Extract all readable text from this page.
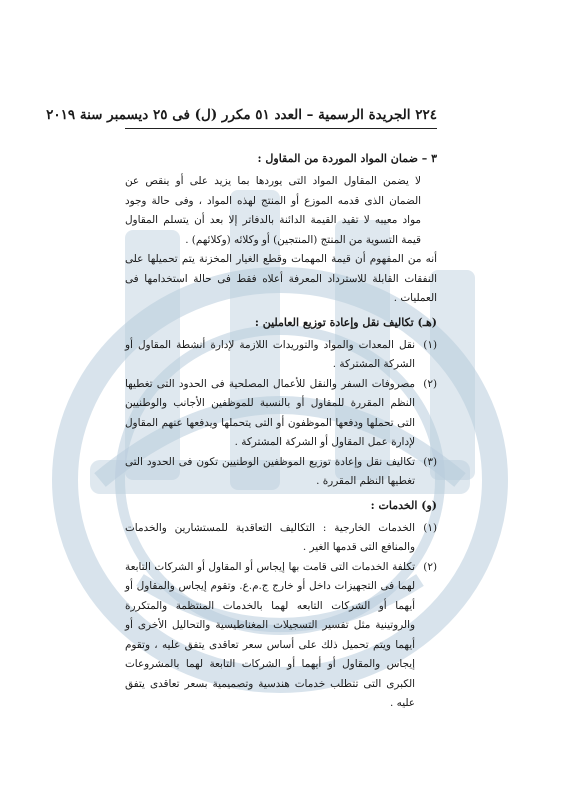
٢٢٤ الجريدة الرسمية – العدد ٥١ مكرر (ل) فى ٢٥ ديسمبر سنة ٢٠١٩
٣ – ضمان المواد الموردة من المقاول :

لا يضمن المقاول المواد التى يوردها بما يزيد على أو ينقص عن الضمان الذى قدمه الموزع أو المنتج لهذه المواد ، وفى حالة وجود مواد معيبه لا تقيد القيمة الدائنة بالدفاتر إلا بعد أن يتسلم المقاول قيمة التسوية من المنتج (المنتجين) أو وكلائه (وكلائهم) .

أنه من المفهوم أن قيمة المهمات وقطع الغيار المخزنة يتم تحميلها على النفقات القابلة للاسترداد المعرفة أعلاه فقط فى حالة استخدامها فى العمليات .

(هـ) تكاليف نقل وإعادة توزيع العاملين :
(١)
نقل المعدات والمواد والتوريدات اللازمة لإدارة أنشطة المقاول أو الشركة المشتركة .
(٢)
مصروفات السفر والنقل للأعمال المصلحية فى الحدود التى تغطيها النظم المقررة للمقاول أو بالنسبة للموظفين الأجانب والوطنيين التى تحملها ودفعها الموظفون أو التى يتحملها ويدفعها عنهم المقاول لإدارة عمل المقاول أو الشركة المشتركة .
(٣)
تكاليف نقل وإعادة توزيع الموظفين الوطنيين تكون فى الحدود التى تغطيها النظم المقررة .
(و) الخدمات :
(١)
الخدمات الخارجية : التكاليف التعاقدية للمستشارين والخدمات والمنافع التى قدمها الغير .
(٢)
تكلفة الخدمات التى قامت بها إيجاس أو المقاول أو الشركات التابعة لهما فى التجهيزات داخل أو خارج ج.م.ع. وتقوم إيجاس والمقاول أو أيهما أو الشركات التابعه لهما بالخدمات المنتظمة والمتكررة والروتينية مثل تفسير التسجيلات المغناطيسية والتحاليل الأخرى أو أيهما ويتم تحميل ذلك على أساس سعر تعاقدى يتفق عليه ، وتقوم إيجاس والمقاول أو أيهما أو الشركات التابعة لهما بالمشروعات الكبرى التى تتطلب خدمات هندسية وتصميمية بسعر تعاقدى يتفق عليه .
